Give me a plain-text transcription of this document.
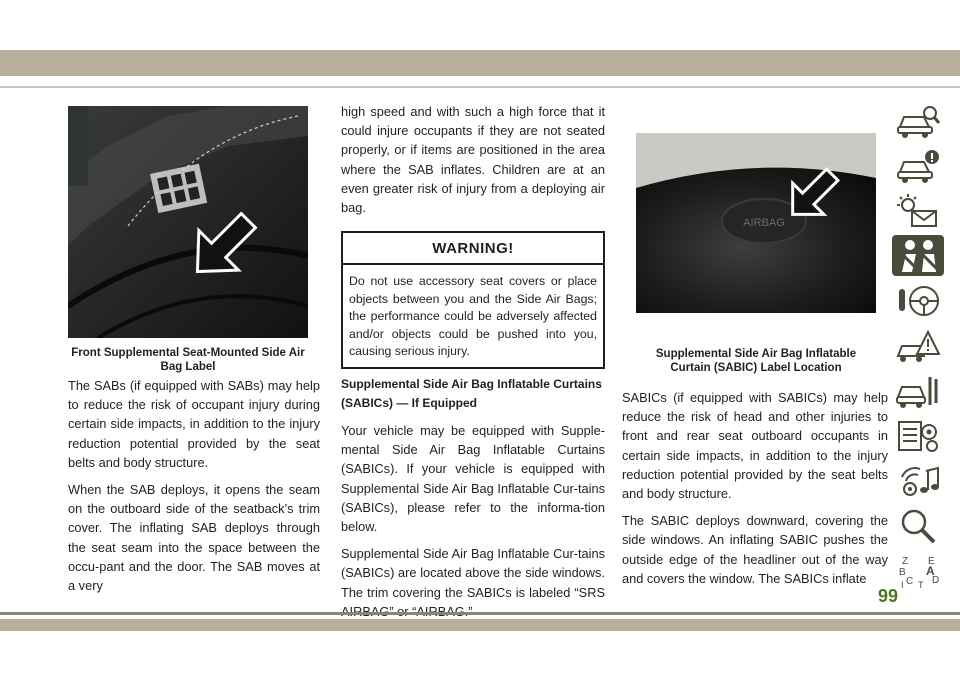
Front Supplemental Seat-Mounted Side Air Bag Label
AIRBAG
Supplemental Side Air Bag Inflatable Curtain (SABIC) Label Location

The SABs (if equipped with SABs) may help to reduce the risk of occupant injury during certain side impacts, in addition to the injury reduction potential provided by the seat belts and body structure.

When the SAB deploys, it opens the seam on the outboard side of the seatback’s trim cover. The inflating SAB deploys through the seat seam into the space between the occu-pant and the door. The SAB moves at a very

high speed and with such a high force that it could injure occupants if they are not seated properly, or if items are positioned in the area where the SAB inflates. Children are at an even greater risk of injury from a deploying air bag.

WARNING!
Do not use accessory seat covers or place objects between you and the Side Air Bags; the performance could be adversely affected and/or objects could be pushed into you, causing serious injury.
Supplemental Side Air Bag Inflatable Curtains (SABICs) — If Equipped

Your vehicle may be equipped with Supple-mental Side Air Bag Inflatable Curtains (SABICs). If your vehicle is equipped with Supplemental Side Air Bag Inflatable Cur-tains (SABICs), please refer to the informa-tion below.

Supplemental Side Air Bag Inflatable Cur-tains (SABICs) are located above the side windows. The trim covering the SABICs is labeled “SRS

SABICs (if equipped with SABICs) may help reduce the risk of head and other injuries to front and rear seat outboard occupants in certain side impacts, in addition to the injury reduction potential provided by the seat belts and body structure.

The SABIC deploys downward, covering the side windows. An inflating SABIC pushes the outside edge of the headliner out of the way and covers the window. The SABICs inflate

Z E
B A
C D
I T
99
